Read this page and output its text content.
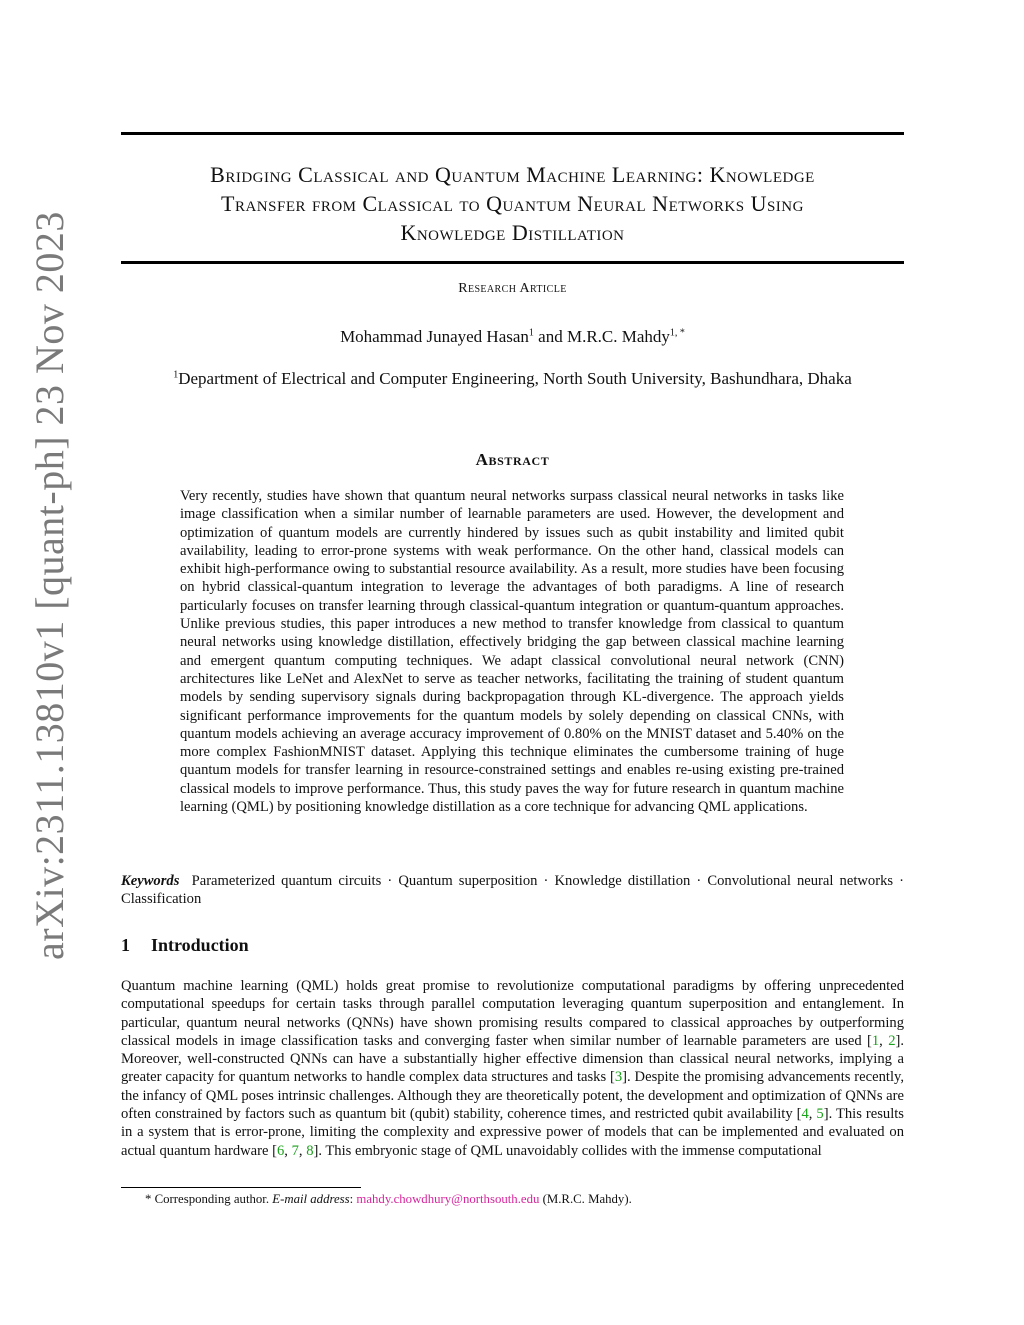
arXiv:2311.13810v1 [quant-ph] 23 Nov 2023
Bridging Classical and Quantum Machine Learning: Knowledge
Transfer from Classical to Quantum Neural Networks Using
Knowledge Distillation
Research Article
Mohammad Junayed Hasan$^1$ and M.R.C. Mahdy$^{1, *}$
$^1$Department of Electrical and Computer Engineering, North South University, Bashundhara, Dhaka
Abstract
Very recently, studies have shown that quantum neural networks surpass classical neural networks in tasks like image classification when a similar number of learnable parameters are used. However, the development and optimization of quantum models are currently hindered by issues such as qubit instability and limited qubit availability, leading to error-prone systems with weak performance. On the other hand, classical models can exhibit high-performance owing to substantial resource availability. As a result, more studies have been focusing on hybrid classical-quantum integration to leverage the advantages of both paradigms. A line of research particularly focuses on transfer learning through classical-quantum integration or quantum-quantum approaches. Unlike previous studies, this paper introduces a new method to transfer knowledge from classical to quantum neural networks using knowledge distillation, effectively bridging the gap between classical machine learning and emergent quantum computing techniques. We adapt classical convolutional neural network (CNN) architectures like LeNet and AlexNet to serve as teacher networks, facilitating the training of student quantum models by sending supervisory signals during backpropagation through KL-divergence. The approach yields significant performance improvements for the quantum models by solely depending on classical CNNs, with quantum models achieving an average accuracy improvement of 0.80% on the MNIST dataset and 5.40% on the more complex FashionMNIST dataset. Applying this technique eliminates the cumbersome training of huge quantum models for transfer learning in resource-constrained settings and enables re-using existing pre-trained classical models to improve performance. Thus, this study paves the way for future research in quantum machine learning (QML) by positioning knowledge distillation as a core technique for advancing QML applications.
Keywords Parameterized quantum circuits · Quantum superposition · Knowledge distillation · Convolutional neural networks · Classification
1 Introduction
Quantum machine learning (QML) holds great promise to revolutionize computational paradigms by offering unprecedented computational speedups for certain tasks through parallel computation leveraging quantum superposition and entanglement. In particular, quantum neural networks (QNNs) have shown promising results compared to classical approaches by outperforming classical models in image classification tasks and converging faster when similar number of learnable parameters are used [1, 2]. Moreover, well-constructed QNNs can have a substantially higher effective dimension than classical neural networks, implying a greater capacity for quantum networks to handle complex data structures and tasks [3]. Despite the promising advancements recently, the infancy of QML poses intrinsic challenges. Although they are theoretically potent, the development and optimization of QNNs are often constrained by factors such as quantum bit (qubit) stability, coherence times, and restricted qubit availability [4, 5]. This results in a system that is error-prone, limiting the complexity and expressive power of models that can be implemented and evaluated on actual quantum hardware [6, 7, 8]. This embryonic stage of QML unavoidably collides with the immense computational
* Corresponding author. E-mail address: mahdy.chowdhury@northsouth.edu (M.R.C. Mahdy).
